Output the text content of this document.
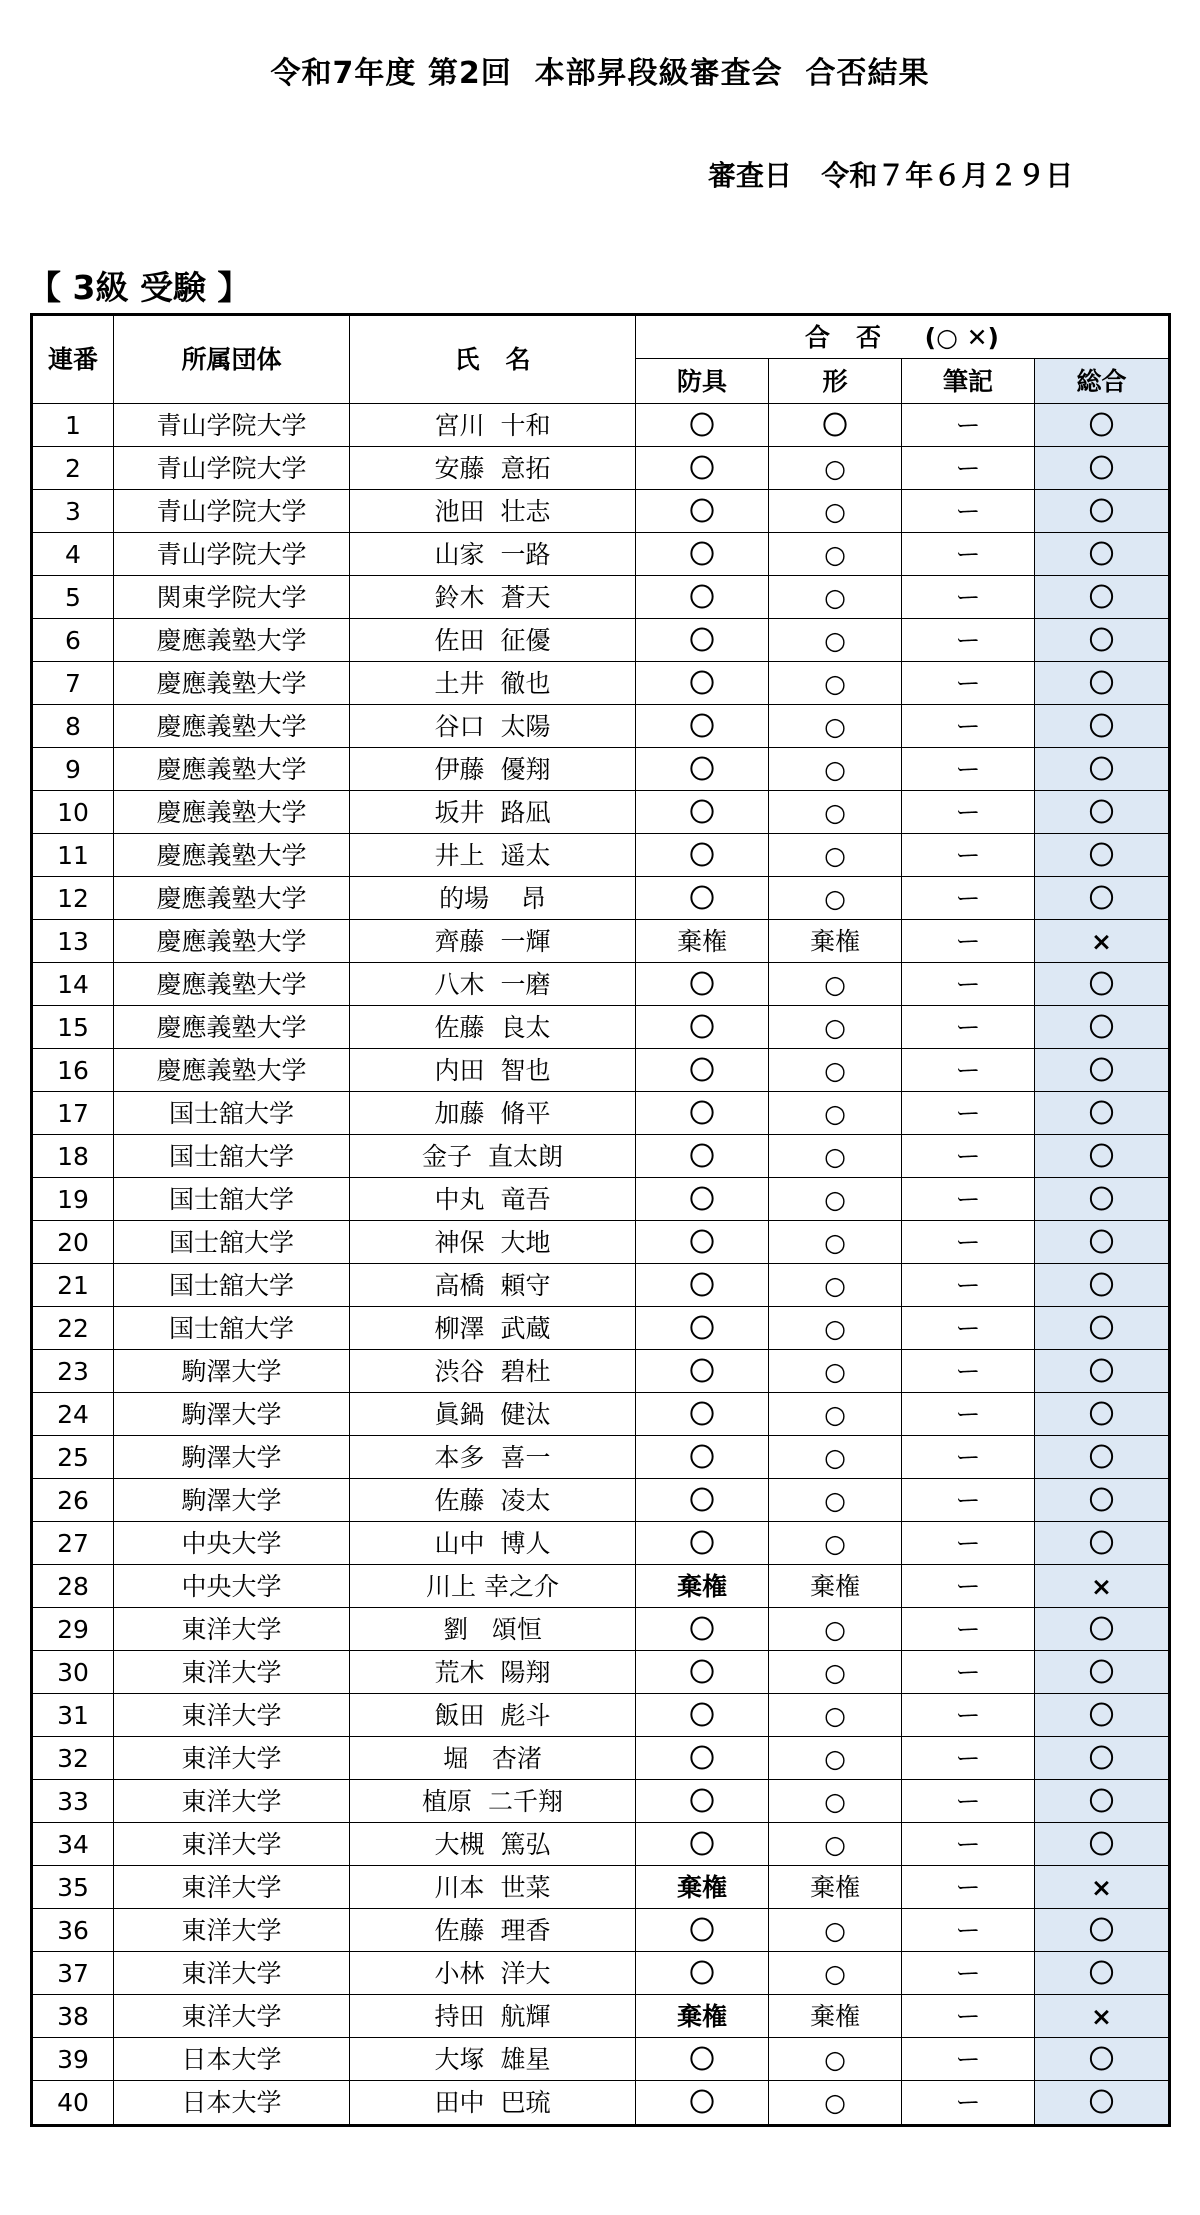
令和7年度 第2回  本部昇段級審査会  合否結果
審査日   令和７年６月２９日
【 3級 受験 】
連番	所属団体	氏   名	合   否     (○ ✕)			
			防具	形	筆記	総合
1	青山学院大学	宮川  十和	〇	〇	ー	〇
2	青山学院大学	安藤  意拓	〇	○	ー	〇
3	青山学院大学	池田  壮志	〇	○	ー	〇
4	青山学院大学	山家  一路	〇	○	ー	〇
5	関東学院大学	鈴木  蒼天	〇	○	ー	〇
6	慶應義塾大学	佐田  征優	〇	○	ー	〇
7	慶應義塾大学	土井  徹也	〇	○	ー	〇
8	慶應義塾大学	谷口  太陽	〇	○	ー	〇
9	慶應義塾大学	伊藤  優翔	〇	○	ー	〇
10	慶應義塾大学	坂井  路凪	〇	○	ー	〇
11	慶應義塾大学	井上  遥太	〇	○	ー	〇
12	慶應義塾大学	的場    昂	〇	○	ー	〇
13	慶應義塾大学	齊藤  一輝	棄権	棄権	ー	×
14	慶應義塾大学	八木  一磨	〇	○	ー	〇
15	慶應義塾大学	佐藤  良太	〇	○	ー	〇
16	慶應義塾大学	内田  智也	〇	○	ー	〇
17	国士舘大学	加藤  脩平	〇	○	ー	〇
18	国士舘大学	金子  直太朗	〇	○	ー	〇
19	国士舘大学	中丸  竜吾	〇	○	ー	〇
20	国士舘大学	神保  大地	〇	○	ー	〇
21	国士舘大学	高橋  頼守	〇	○	ー	〇
22	国士舘大学	柳澤  武蔵	〇	○	ー	〇
23	駒澤大学	渋谷  碧杜	〇	○	ー	〇
24	駒澤大学	眞鍋  健汰	〇	○	ー	〇
25	駒澤大学	本多  喜一	〇	○	ー	〇
26	駒澤大学	佐藤  凌太	〇	○	ー	〇
27	中央大学	山中  博人	〇	○	ー	〇
28	中央大学	川上 幸之介	棄権	棄権	ー	×
29	東洋大学	劉   頌恒	〇	○	ー	〇
30	東洋大学	荒木  陽翔	〇	○	ー	〇
31	東洋大学	飯田  彪斗	〇	○	ー	〇
32	東洋大学	堀   杏渚	〇	○	ー	〇
33	東洋大学	植原  二千翔	〇	○	ー	〇
34	東洋大学	大槻  篤弘	〇	○	ー	〇
35	東洋大学	川本  世菜	棄権	棄権	ー	×
36	東洋大学	佐藤  理香	〇	○	ー	〇
37	東洋大学	小林  洋大	〇	○	ー	〇
38	東洋大学	持田  航輝	棄権	棄権	ー	×
39	日本大学	大塚  雄星	〇	○	ー	〇
40	日本大学	田中  巴琉	〇	○	ー	〇
